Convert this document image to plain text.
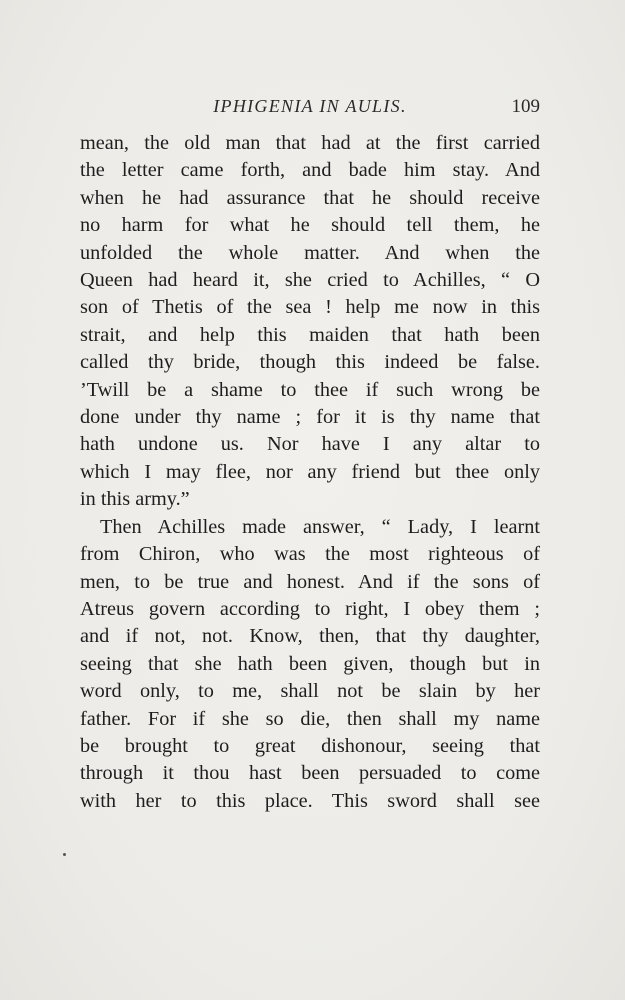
IPHIGENIA IN AULIS.	109

mean, the old man that had at the first carried
the letter came forth, and bade him stay. And
when he had assurance that he should receive
no harm for what he should tell them, he
unfolded the whole matter. And when the
Queen had heard it, she cried to Achilles, “ O
son of Thetis of the sea ! help me now in this
strait, and help this maiden that hath been
called thy bride, though this indeed be false.
’Twill be a shame to thee if such wrong be
done under thy name ; for it is thy name that
hath undone us. Nor have I any altar to
which I may flee, nor any friend but thee only
in this army.”

Then Achilles made answer, “ Lady, I learnt
from Chiron, who was the most righteous of
men, to be true and honest. And if the sons of
Atreus govern according to right, I obey them ;
and if not, not. Know, then, that thy daughter,
seeing that she hath been given, though but in
word only, to me, shall not be slain by her
father. For if she so die, then shall my name
be brought to great dishonour, seeing that
through it thou hast been persuaded to come
with her to this place. This sword shall see
